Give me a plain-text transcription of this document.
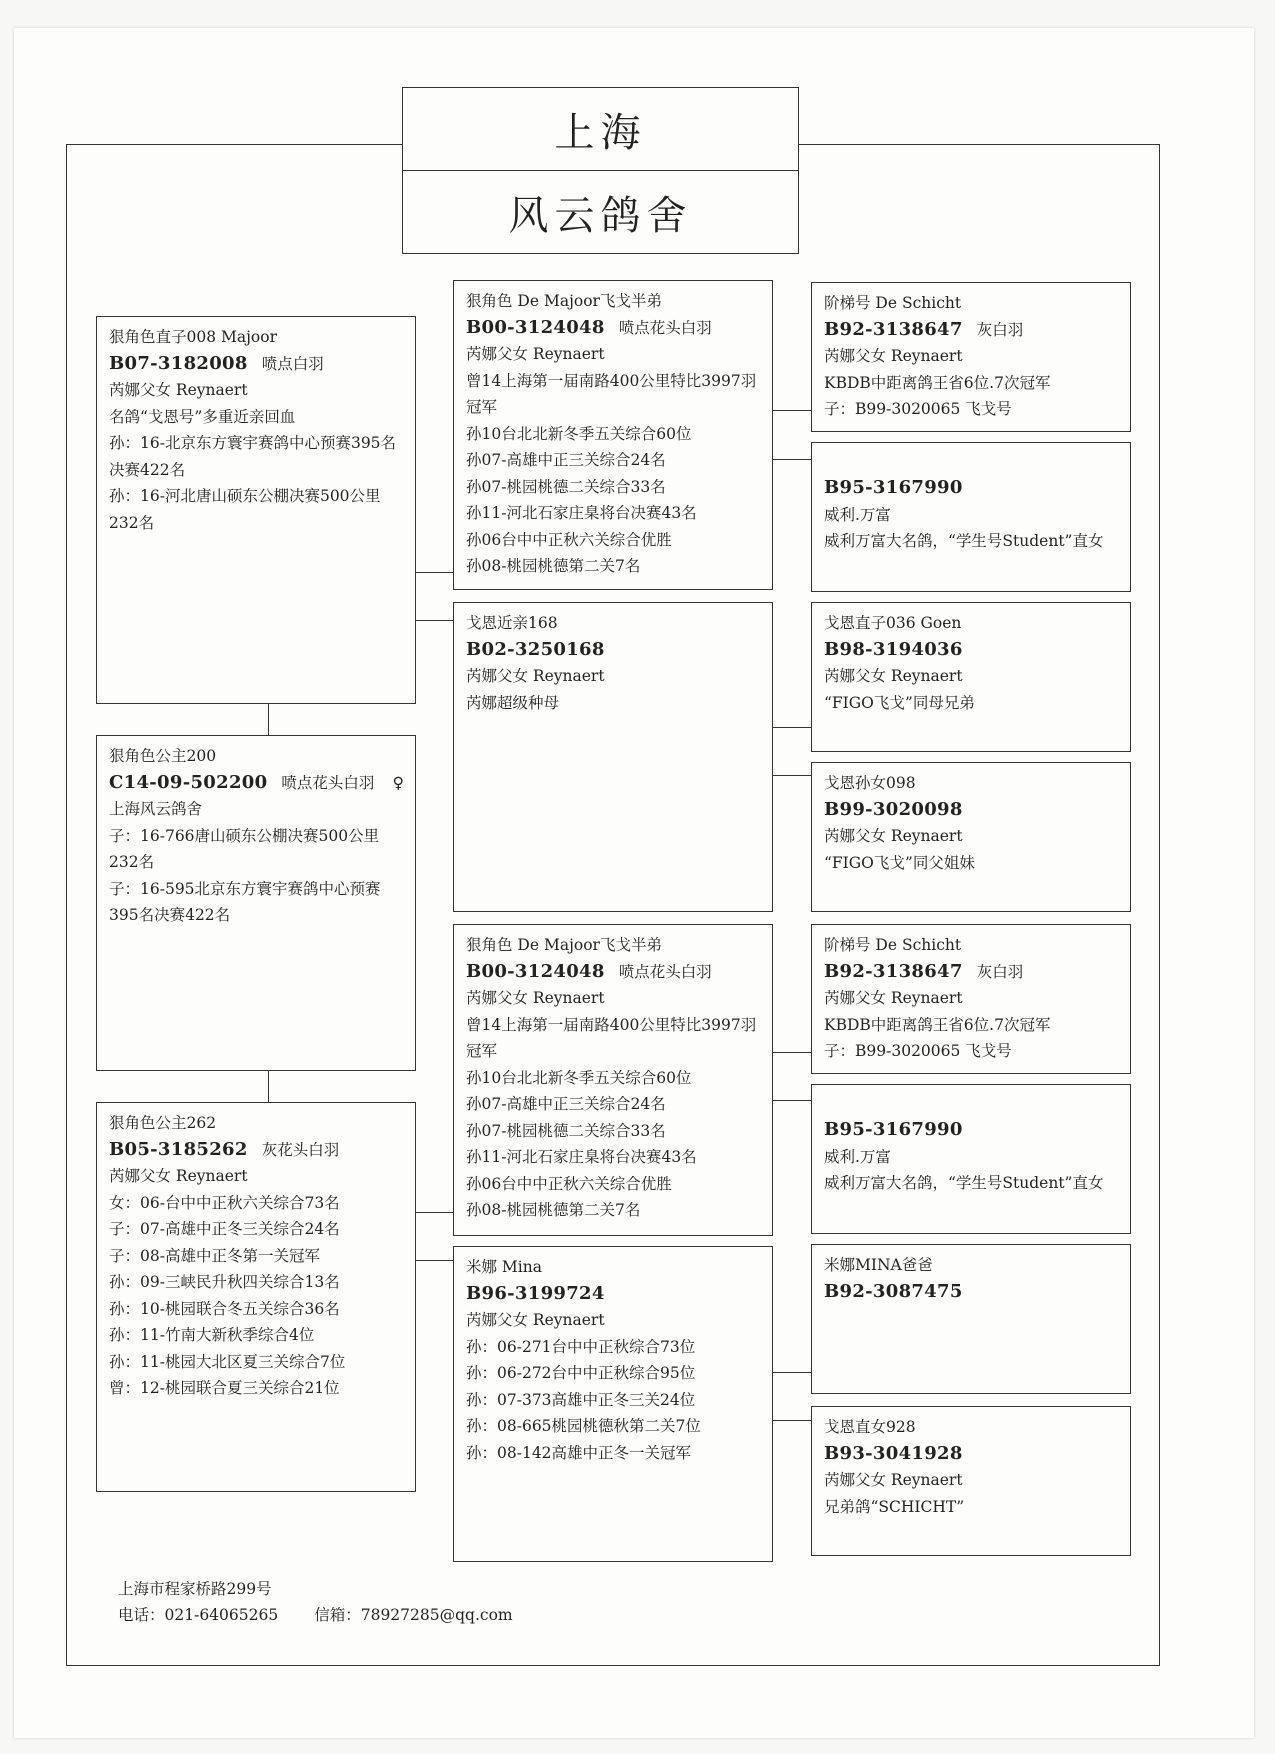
上海
风云鸽舍
狠角色直子008 Majoor
B07-3182008 喷点白羽
芮娜父女 Reynaert
名鸽“戈恩号”多重近亲回血
孙：16-北京东方寰宇赛鸽中心预赛395名决赛422名
孙：16-河北唐山硕东公棚决赛500公里232名
狠角色公主200
C14-09-502200 喷点花头白羽 ♀
上海风云鸽舍
子：16-766唐山硕东公棚决赛500公里232名
子：16-595北京东方寰宇赛鸽中心预赛395名决赛422名
狠角色公主262
B05-3185262 灰花头白羽
芮娜父女 Reynaert
女：06-台中中正秋六关综合73名
子：07-高雄中正冬三关综合24名
子：08-高雄中正冬第一关冠军
孙：09-三峡民升秋四关综合13名
孙：10-桃园联合冬五关综合36名
孙：11-竹南大新秋季综合4位
孙：11-桃园大北区夏三关综合7位
曾：12-桃园联合夏三关综合21位
狠角色 De Majoor飞戈半弟
B00-3124048 喷点花头白羽
芮娜父女 Reynaert
曾14上海第一届南路400公里特比3997羽冠军
孙10台北北新冬季五关综合60位
孙07-高雄中正三关综合24名
孙07-桃园桃德二关综合33名
孙11-河北石家庄臬将台决赛43名
孙06台中中正秋六关综合优胜
孙08-桃园桃德第二关7名
戈恩近亲168
B02-3250168
芮娜父女 Reynaert
芮娜超级种母
狠角色 De Majoor飞戈半弟
B00-3124048 喷点花头白羽
芮娜父女 Reynaert
曾14上海第一届南路400公里特比3997羽冠军
孙10台北北新冬季五关综合60位
孙07-高雄中正三关综合24名
孙07-桃园桃德二关综合33名
孙11-河北石家庄臬将台决赛43名
孙06台中中正秋六关综合优胜
孙08-桃园桃德第二关7名
米娜 Mina
B96-3199724
芮娜父女 Reynaert
孙：06-271台中中正秋综合73位
孙：06-272台中中正秋综合95位
孙：07-373高雄中正冬三关24位
孙：08-665桃园桃德秋第二关7位
孙：08-142高雄中正冬一关冠军
阶梯号 De Schicht
B92-3138647 灰白羽
芮娜父女 Reynaert
KBDB中距离鸽王省6位.7次冠军
子：B99-3020065 飞戈号
B95-3167990
威利.万富
威利万富大名鸽，“学生号Student”直女
戈恩直子036 Goen
B98-3194036
芮娜父女 Reynaert
“FIGO飞戈”同母兄弟
戈恩孙女098
B99-3020098
芮娜父女 Reynaert
“FIGO飞戈”同父姐妹
阶梯号 De Schicht
B92-3138647 灰白羽
芮娜父女 Reynaert
KBDB中距离鸽王省6位.7次冠军
子：B99-3020065 飞戈号
B95-3167990
威利.万富
威利万富大名鸽，“学生号Student”直女
米娜MINA爸爸
B92-3087475
戈恩直女928
B93-3041928
芮娜父女 Reynaert
兄弟鸽“SCHICHT”
上海市程家桥路299号
电话：021-64065265 信箱：78927285@qq.com
